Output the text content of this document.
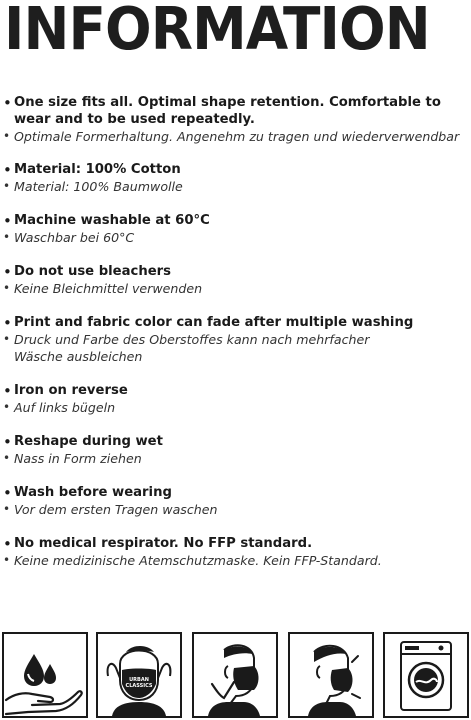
INFORMATION
• One size fits all. Optimal shape retention. Comfortable to wear and to be used repeatedly.
• Optimale Formerhaltung. Angenehm zu tragen und wiederverwendbar
• Material: 100% Cotton
• Material: 100% Baumwolle
• Machine washable at 60°C
• Waschbar bei 60°C
• Do not use bleachers
• Keine Bleichmittel verwenden
• Print and fabric color can fade after multiple washing
• Druck und Farbe des Oberstoffes kann nach mehrfacher Wäsche ausbleichen
• Iron on reverse
• Auf links bügeln
• Reshape during wet
• Nass in Form ziehen
• Wash before wearing
• Vor dem ersten Tragen waschen
• No medical respirator. No FFP standard.
• Keine medizinische Atemschutzmaske. Kein FFP-Standard.
URBAN
CLASSICS
